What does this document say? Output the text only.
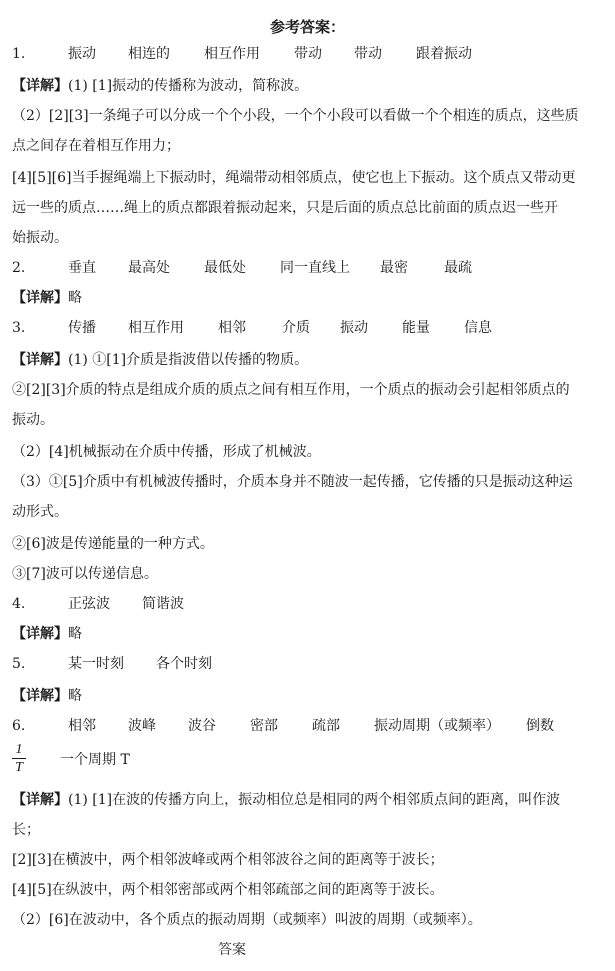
参考答案：
1.	振动 相连的 相互作用 带动 带动 跟着振动
【详解】(1) [1]振动的传播称为波动，简称波。
（2）[2][3]一条绳子可以分成一个个小段，一个个小段可以看做一个个相连的质点，这些质
点之间存在着相互作用力；
[4][5][6]当手握绳端上下振动时，绳端带动相邻质点，使它也上下振动。这个质点又带动更
远一些的质点……绳上的质点都跟着振动起来，只是后面的质点总比前面的质点迟一些开
始振动。
2.	垂直 最高处 最低处 同一直线上 最密	最疏
【详解】略
3.	传播 相互作用 相邻	介质 振动 能量 信息
【详解】(1) ①[1]介质是指波借以传播的物质。
②[2][3]介质的特点是组成介质的质点之间有相互作用，一个质点的振动会引起相邻质点的
振动。
（2）[4]机械振动在介质中传播，形成了机械波。
（3）①[5]介质中有机械波传播时，介质本身并不随波一起传播，它传播的只是振动这种运
动形式。
②[6]波是传递能量的一种方式。
③[7]波可以传递信息。
4.	正弦波 简谐波
【详解】略
5.	某一时刻 各个时刻
【详解】略
6.	相邻 波峰 波谷 密部 疏部 振动周期（或频率） 倒数
1
T	一个周期 T
【详解】(1) [1]在波的传播方向上，振动相位总是相同的两个相邻质点间的距离，叫作波
长；
[2][3]在横波中，两个相邻波峰或两个相邻波谷之间的距离等于波长；
[4][5]在纵波中，两个相邻密部或两个相邻疏部之间的距离等于波长。
（2）[6]在波动中，各个质点的振动周期（或频率）叫波的周期（或频率）。
答案
